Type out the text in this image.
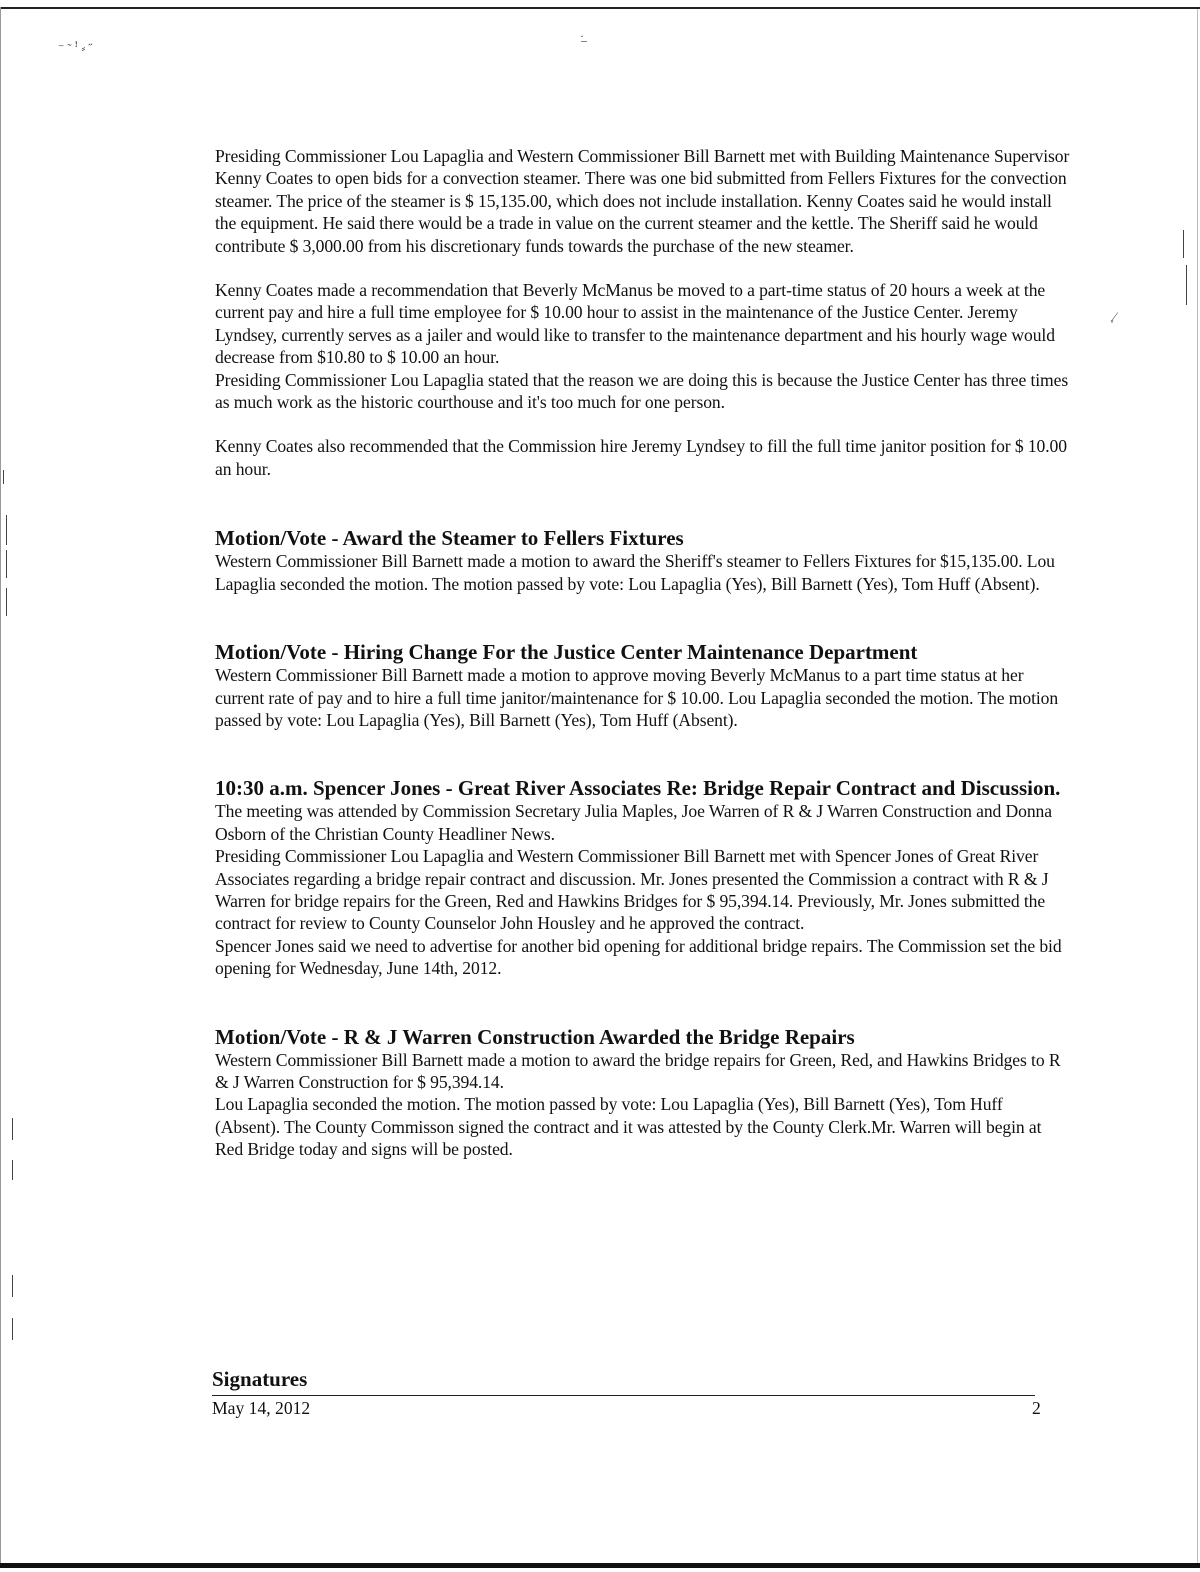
⁻ ˜ ꜝ ⸗ ˝
·̲
˳⁄

Presiding Commissioner Lou Lapaglia and Western Commissioner Bill Barnett met with Building Maintenance Supervisor Kenny Coates to open bids for a convection steamer. There was one bid submitted from Fellers Fixtures for the convection steamer. The price of the steamer is $ 15,135.00, which does not include installation. Kenny Coates said he would install the equipment. He said there would be a trade in value on the current steamer and the kettle. The Sheriff said he would contribute $ 3,000.00 from his discretionary funds towards the purchase of the new steamer.

Kenny Coates made a recommendation that Beverly McManus be moved to a part-time status of 20 hours a week at the current pay and hire a full time employee for $ 10.00 hour to assist in the maintenance of the Justice Center. Jeremy Lyndsey, currently serves as a jailer and would like to transfer to the maintenance department and his hourly wage would decrease from $10.80 to $ 10.00 an hour.

Presiding Commissioner Lou Lapaglia stated that the reason we are doing this is because the Justice Center has three times as much work as the historic courthouse and it's too much for one person.

Kenny Coates also recommended that the Commission hire Jeremy Lyndsey to fill the full time janitor position for $ 10.00 an hour.

Motion/Vote - Award the Steamer to Fellers Fixtures

Western Commissioner Bill Barnett made a motion to award the Sheriff's steamer to Fellers Fixtures for $15,135.00. Lou Lapaglia seconded the motion. The motion passed by vote: Lou Lapaglia (Yes), Bill Barnett (Yes), Tom Huff (Absent).

Motion/Vote - Hiring Change For the Justice Center Maintenance Department

Western Commissioner Bill Barnett made a motion to approve moving Beverly McManus to a part time status at her current rate of pay and to hire a full time janitor/maintenance for $ 10.00. Lou Lapaglia seconded the motion. The motion passed by vote: Lou Lapaglia (Yes), Bill Barnett (Yes), Tom Huff (Absent).

10:30 a.m. Spencer Jones - Great River Associates Re: Bridge Repair Contract and Discussion.

The meeting was attended by Commission Secretary Julia Maples, Joe Warren of R & J Warren Construction and Donna Osborn of the Christian County Headliner News.

Presiding Commissioner Lou Lapaglia and Western Commissioner Bill Barnett met with Spencer Jones of Great River Associates regarding a bridge repair contract and discussion. Mr. Jones presented the Commission a contract with R & J Warren for bridge repairs for the Green, Red and Hawkins Bridges for $ 95,394.14. Previously, Mr. Jones submitted the contract for review to County Counselor John Housley and he approved the contract.

Spencer Jones said we need to advertise for another bid opening for additional bridge repairs. The Commission set the bid opening for Wednesday, June 14th, 2012.

Motion/Vote - R & J Warren Construction Awarded the Bridge Repairs

Western Commissioner Bill Barnett made a motion to award the bridge repairs for Green, Red, and Hawkins Bridges to R & J Warren Construction for $ 95,394.14.

Lou Lapaglia seconded the motion. The motion passed by vote: Lou Lapaglia (Yes), Bill Barnett (Yes), Tom Huff (Absent). The County Commisson signed the contract and it was attested by the County Clerk.Mr. Warren will begin at Red Bridge today and signs will be posted.

Signatures
May 14, 2012	2
